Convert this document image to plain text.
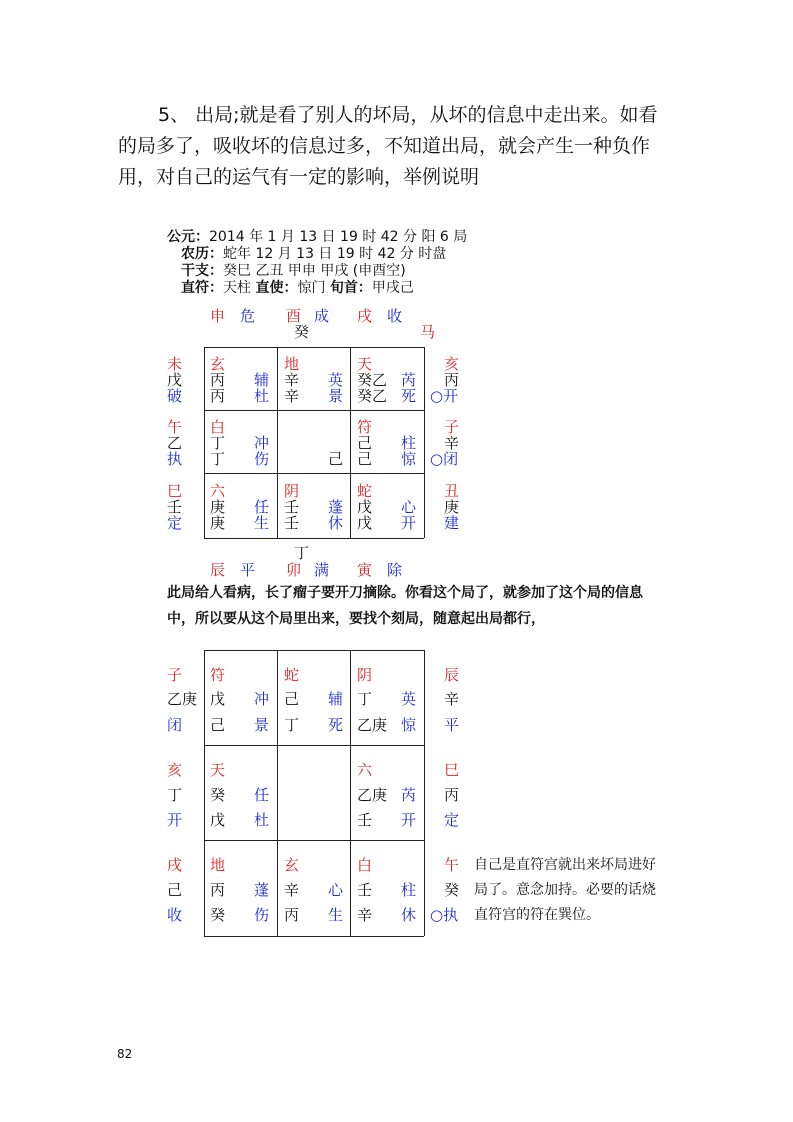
5、 出局;就是看了别人的坏局，从坏的信息中走出来。如看
的局多了，吸收坏的信息过多，不知道出局，就会产生一种负作
用，对自己的运气有一定的影响，举例说明
公元：2014 年 1 月 13 日 19 时 42 分 阳 6 局
农历：蛇年 12 月 13 日 19 时 42 分 时盘
干支：癸巳 乙丑 甲申 甲戌 (申酉空)
直符：天柱 直使：惊门 旬首：甲戌己
申 危 酉 成 戌 收
癸	马
未
戊
破
午
乙
执
巳
壬
定
亥
丙
○开
子
辛
○闭
丑
庚
建
玄
丙 辅
丙 杜
地
辛 英
辛 景
天
癸乙 芮
癸乙 死
白
丁 冲
丁 伤	己
符
己 柱
己 惊
六
庚 任
庚 生
阴
壬 蓬
壬 休
蛇
戊 心
戊 开
丁
辰 平 卯 满 寅 除
此局给人看病，长了瘤子要开刀摘除。你看这个局了，就参加了这个局的信息
中，所以要从这个局里出来，要找个刻局，随意起出局都行，
子
乙庚
闭
亥
丁
开
戌
己
收
辰
辛
平
巳
丙
定
午
癸
○执
符
戊 冲
己 景
蛇
己 辅
丁 死
阴
丁 英
乙庚 惊
天
癸 任
戊 杜
六
乙庚 芮
壬 开
地
丙 蓬
癸 伤
玄
辛 心
丙 生
白
壬 柱
辛 休
自己是直符宫就出来坏局进好
局了。意念加持。必要的话烧
直符宫的符在巽位。
82
